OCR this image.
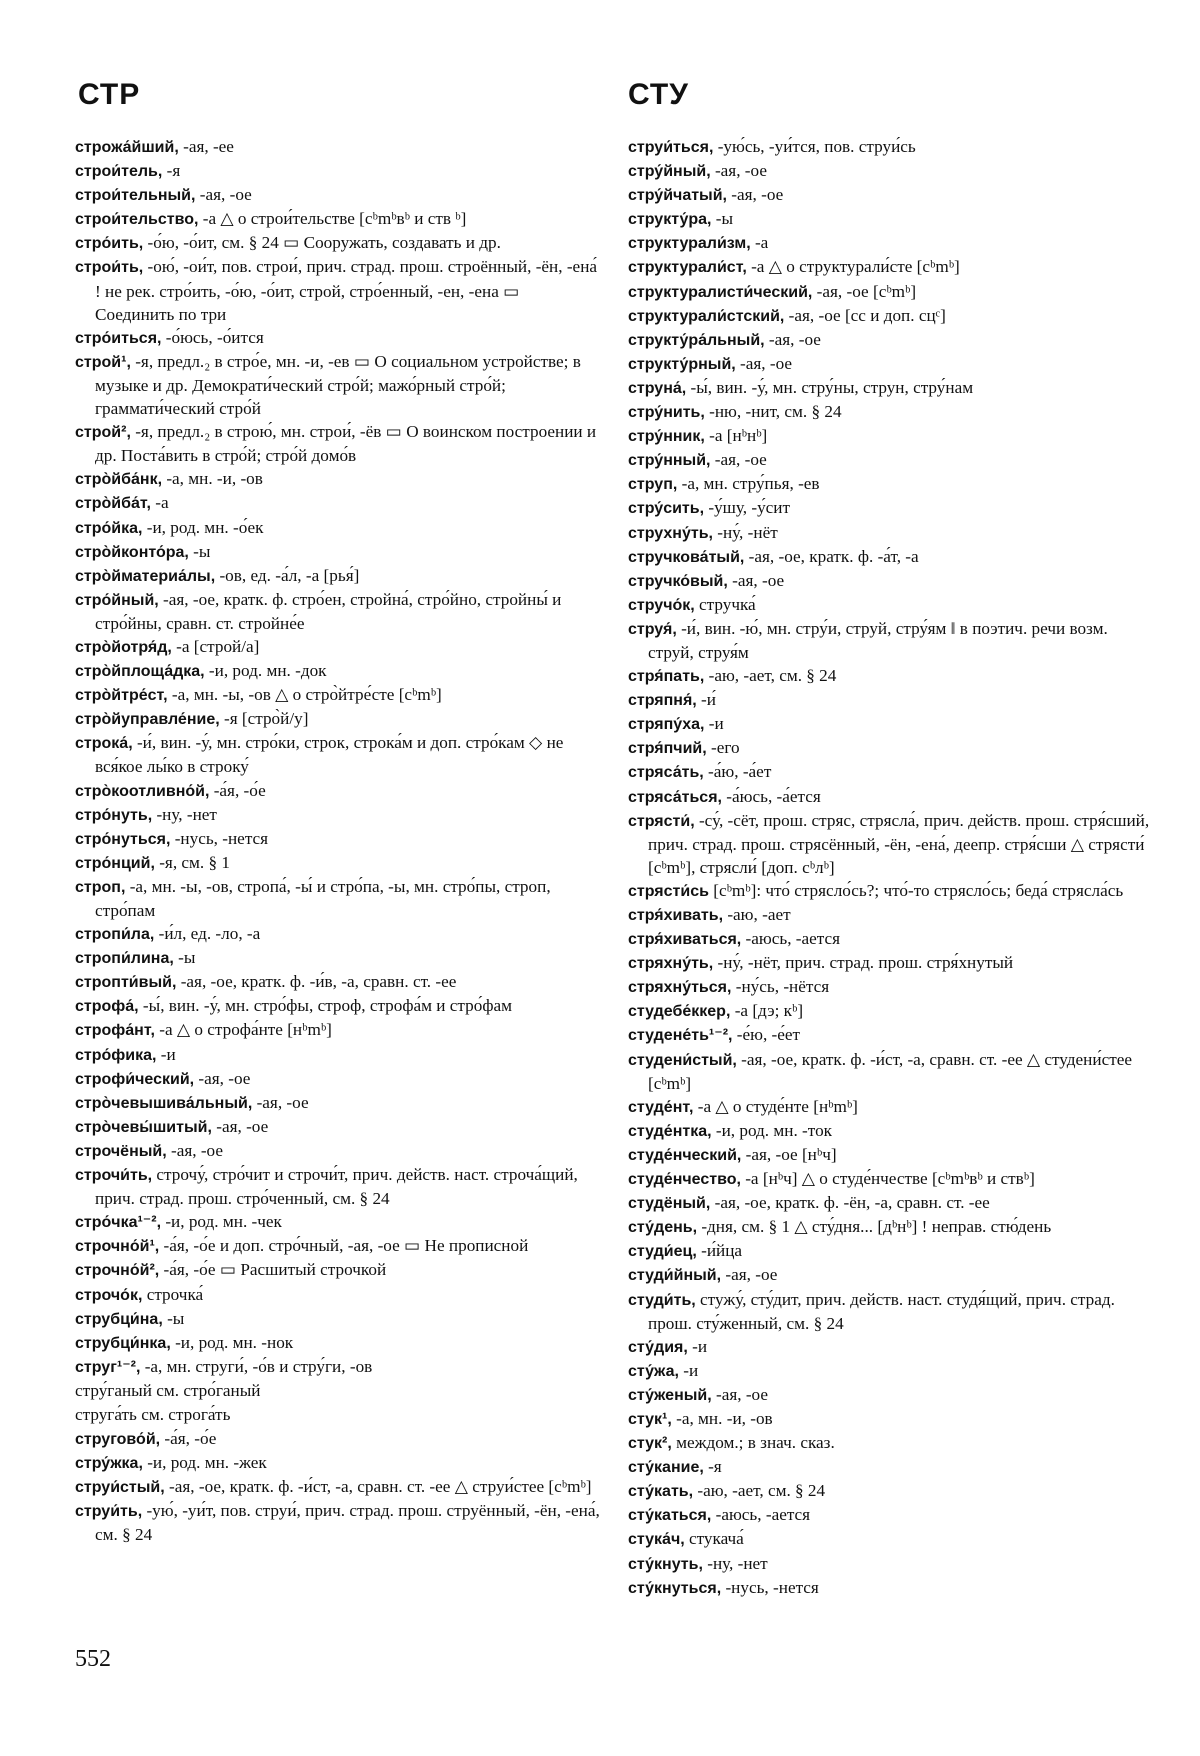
СТР	СТУ
строжа́йший, -ая, -ее
строи́тель, -я
строи́тельный, -ая, -ое
строи́тельство, -а △ о строи́тельстве [cᵇmᵇвᵇ и ств ᵇ]
стро́ить, -о́ю, -о́ит, см. § 24 ▭ Сооружать, создавать и др.
строи́ть, -ою́, -ои́т, пов. строи́, прич. страд. прош. строённый, -ён, -ена́ ! не рек. стро́ить, -о́ю, -о́ит, строй, стро́енный, -ен, -ена ▭ Соединить по три
стро́иться, -о́юсь, -о́ится
строй¹, -я, предл.₂ в стро́е, мн. -и, -ев ▭ О социальном устройстве; в музыке и др. Демократи́ческий стро́й; мажо́рный стро́й; граммати́ческий стро́й
строй², -я, предл.₂ в строю́, мн. строи́, -ёв ▭ О воинском построении и др. Поста́вить в стро́й; стро́й домо́в
стро̀йба́нк, -а, мн. -и, -ов
стро̀йба́т, -а
стро́йка, -и, род. мн. -о́ек
стро̀йконто́ра, -ы
стро̀йматериа́лы, -ов, ед. -а́л, -а [рья́]
стро́йный, -ая, -ое, кратк. ф. стро́ен, стройна́, стро́йно, стройны́ и стро́йны, сравн. ст. стройне́е
стро̀йотря́д, -а [строй/а]
стро̀йплоща́дка, -и, род. мн. -док
стро̀йтре́ст, -а, мн. -ы, -ов △ о стро̀йтре́сте [cᵇmᵇ]
стро̀йуправле́ние, -я [стро̀й/у]
строка́, -и́, вин. -у́, мн. стро́ки, строк, строка́м и доп. стро́кам ◇ не вся́кое лы́ко в строку́
стро̀коотливно́й, -а́я, -о́е
стро́нуть, -ну, -нет
стро́нуться, -нусь, -нется
стро́нций, -я, см. § 1
строп, -а, мн. -ы, -ов, стропа́, -ы́ и стро́па, -ы, мн. стро́пы, строп, стро́пам
стропи́ла, -и́л, ед. -ло, -а
стропи́лина, -ы
стропти́вый, -ая, -ое, кратк. ф. -и́в, -а, сравн. ст. -ее
строфа́, -ы́, вин. -у́, мн. стро́фы, строф, строфа́м и стро́фам
строфа́нт, -а △ о строфа́нте [нᵇmᵇ]
стро́фика, -и
строфи́ческий, -ая, -ое
стро̀чевышива́льный, -ая, -ое
стро̀чевы́шитый, -ая, -ое
строчёный, -ая, -ое
строчи́ть, строчу́, стро́чит и строчи́т, прич. действ. наст. строча́щий, прич. страд. прош. стро́ченный, см. § 24
стро́чка¹⁻², -и, род. мн. -чек
строчно́й¹, -а́я, -о́е и доп. стро́чный, -ая, -ое ▭ Не прописной
строчно́й², -а́я, -о́е ▭ Расшитый строчкой
строчо́к, строчка́
струбци́на, -ы
струбци́нка, -и, род. мн. -нок
струг¹⁻², -а, мн. струги́, -о́в и стру́ги, -ов
стру́ганый см. стро́ганый
струга́ть см. строга́ть
стругово́й, -а́я, -о́е
стру́жка, -и, род. мн. -жек
струи́стый, -ая, -ое, кратк. ф. -и́ст, -а, сравн. ст. -ее △ струи́стее [cᵇmᵇ]
струи́ть, -ую́, -уи́т, пов. струи́, прич. страд. прош. струённый, -ён, -ена́, см. § 24
струи́ться, -ую́сь, -уи́тся, пов. струи́сь
стру́йный, -ая, -ое
стру́йчатый, -ая, -ое
структу́ра, -ы
структурали́зм, -а
структурали́ст, -а △ о структурали́сте [cᵇmᵇ]
структуралисти́ческий, -ая, -ое [cᵇmᵇ]
структурали́стский, -ая, -ое [cc и доп. cцᶜ]
структу́ра́льный, -ая, -ое
структу́рный, -ая, -ое
струна́, -ы́, вин. -у́, мн. стру́ны, струн, стру́нам
стру́нить, -ню, -нит, см. § 24
стру́нник, -а [нᵇнᵇ]
стру́нный, -ая, -ое
струп, -а, мн. стру́пья, -ев
стру́сить, -у́шу, -у́сит
струхну́ть, -ну́, -нёт
стручкова́тый, -ая, -ое, кратк. ф. -а́т, -а
стручко́вый, -ая, -ое
стручо́к, стручка́
струя́, -и́, вин. -ю́, мн. стру́и, струй, стру́ям ‖ в поэтич. речи возм. струй, струя́м
стря́пать, -аю, -ает, см. § 24
стряпня́, -и́
стряпу́ха, -и
стря́пчий, -его
стряса́ть, -а́ю, -а́ет
стряса́ться, -а́юсь, -а́ется
стрясти́, -су́, -сёт, прош. стряс, стрясла́, прич. действ. прош. стря́сший, прич. страд. прош. стрясённый, -ён, -ена́, деепр. стря́сши △ стрясти́ [cᵇmᵇ], стрясли́ [доп. cᵇлᵇ]
стрясти́сь [cᵇmᵇ]: что́ стрясло́сь?; что́-то стрясло́сь; беда́ стрясла́сь
стря́хивать, -аю, -ает
стря́хиваться, -аюсь, -ается
стряхну́ть, -ну́, -нёт, прич. страд. прош. стря́хнутый
стряхну́ться, -ну́сь, -нётся
студебе́ккер, -а [дэ; кᵇ]
студене́ть¹⁻², -е́ю, -е́ет
студени́стый, -ая, -ое, кратк. ф. -и́ст, -а, сравн. ст. -ее △ студени́стее [cᵇmᵇ]
студе́нт, -а △ о студе́нте [нᵇmᵇ]
студе́нтка, -и, род. мн. -ток
студе́нческий, -ая, -ое [нᵇч]
студе́нчество, -а [нᵇч] △ о студе́нчестве [cᵇmᵇвᵇ и ствᵇ]
студёный, -ая, -ое, кратк. ф. -ён, -а, сравн. ст. -ее
сту́день, -дня, см. § 1 △ сту́дня... [дᵇнᵇ] ! неправ. стю́день
студи́ец, -и́йца
студи́йный, -ая, -ое
студи́ть, стужу́, сту́дит, прич. действ. наст. студя́щий, прич. страд. прош. сту́женный, см. § 24
сту́дия, -и
сту́жа, -и
сту́женый, -ая, -ое
стук¹, -а, мн. -и, -ов
стук², междом.; в знач. сказ.
сту́кание, -я
сту́кать, -аю, -ает, см. § 24
сту́каться, -аюсь, -ается
стука́ч, стукача́
сту́кнуть, -ну, -нет
сту́кнуться, -нусь, -нется
552
